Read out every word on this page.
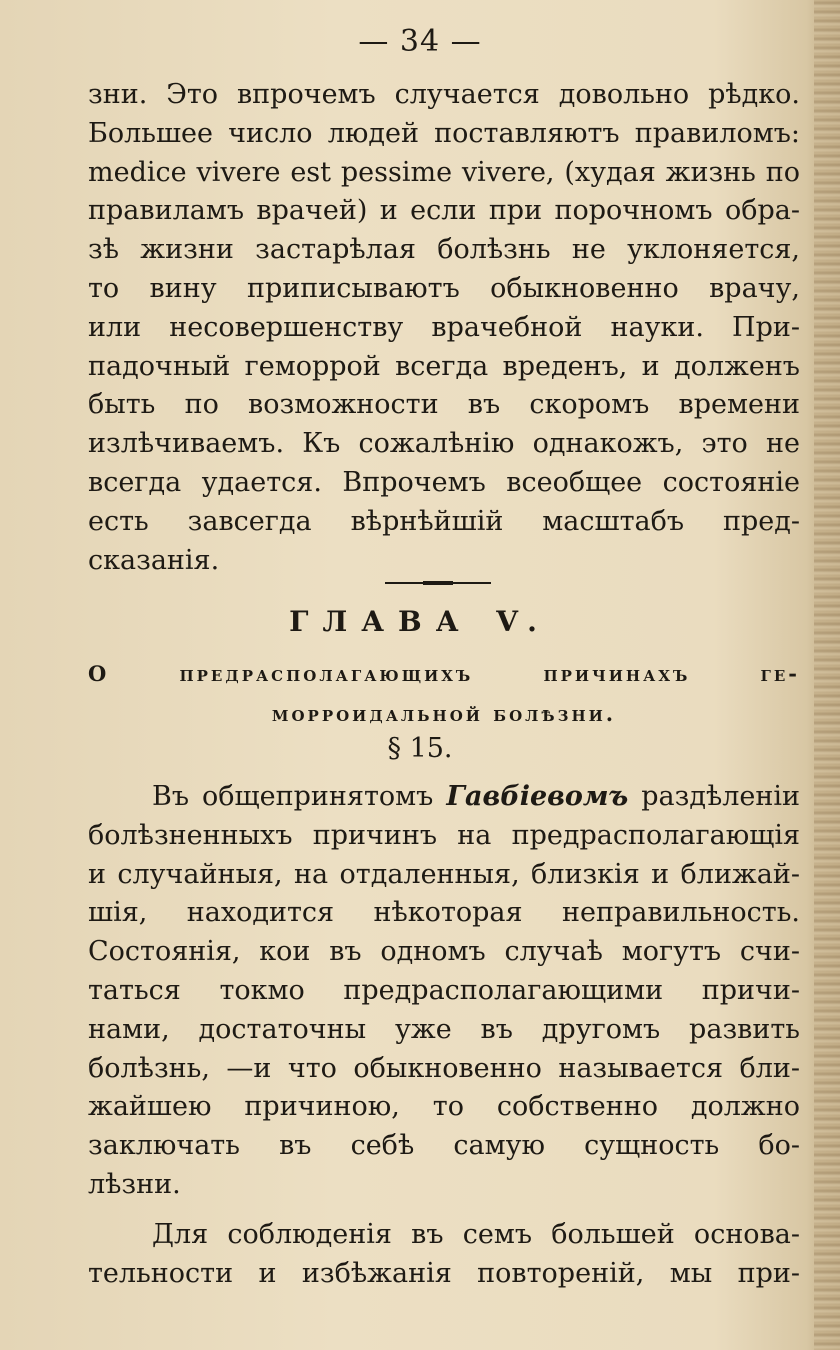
— 34 —
зни. Это впрочемъ случается довольно рѣдко.
Большее число людей поставляютъ правиломъ:
medice vivere est pessime vivere, (худая жизнь по
правиламъ врачей) и если при порочномъ обра-
зѣ жизни застарѣлая болѣзнь не уклоняется,
то вину приписываютъ обыкновенно врачу,
или несовершенству врачебной науки. При-
падочный геморрой всегда вреденъ, и долженъ
быть по возможности въ скоромъ времени
излѣчиваемъ. Къ сожалѣнію однакожъ, это не
всегда удается. Впрочемъ всеобщее состояніе
есть завсегда вѣрнѣйшій масштабъ пред-
сказанія.
ГЛАВА V.
О предрасполагающихъ причинахъ ге-
морроидальной болѣзни.
§ 15.
Въ общепринятомъ Гавбіевомъ раздѣленіи
болѣзненныхъ причинъ на предрасполагающія
и случайныя, на отдаленныя, близкія и ближай-
шія, находится нѣкоторая неправильность.
Состоянія, кои въ одномъ случаѣ могутъ счи-
таться токмо предрасполагающими причи-
нами, достаточны уже въ другомъ развить
болѣзнь, —и что обыкновенно называется бли-
жайшею причиною, то собственно должно
заключать въ себѣ самую сущность бо-
лѣзни.
Для соблюденія въ семъ большей основа-
тельности и избѣжанія повтореній, мы при-
